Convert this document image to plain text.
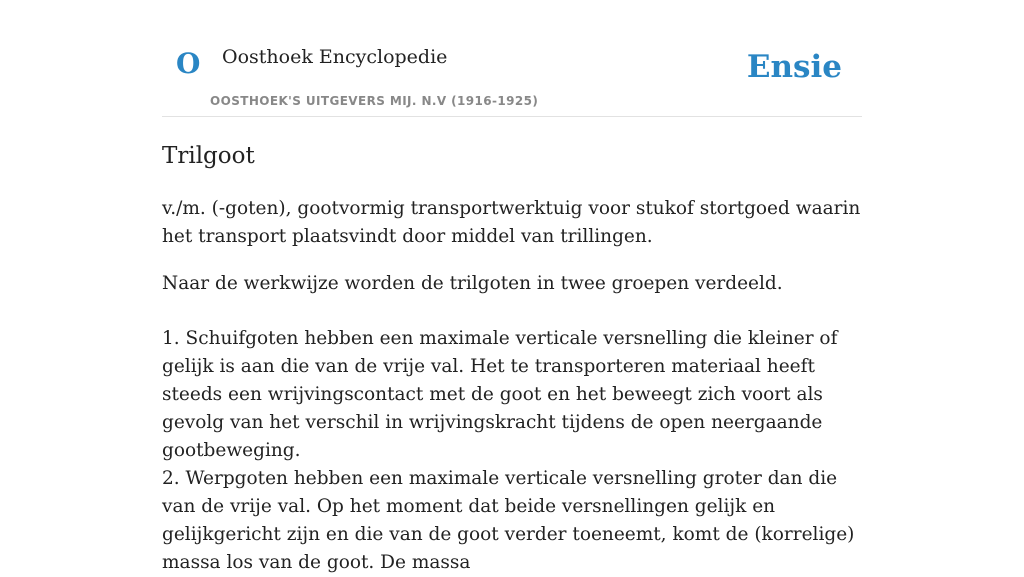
O Oosthoek Encyclopedie
OOSTHOEK'S UITGEVERS MIJ. N.V (1916-1925)
Ensie
Trilgoot

v./m. (-goten), gootvormig transportwerktuig voor stukof stortgoed waarin het transport plaatsvindt door middel van trillingen.

Naar de werkwijze worden de trilgoten in twee groepen verdeeld.

1. Schuifgoten hebben een maximale verticale versnelling die kleiner of gelijk is aan die van de vrije val. Het te transporteren materiaal heeft steeds een wrijvingscontact met de goot en het beweegt zich voort als gevolg van het verschil in wrijvingskracht tijdens de open neergaande gootbeweging.

2. Werpgoten hebben een maximale verticale versnelling groter dan die van de vrije val. Op het moment dat beide versnellingen gelijk en gelijkgericht zijn en die van de goot verder toeneemt, komt de (korrelige) massa los van de goot. De massa
